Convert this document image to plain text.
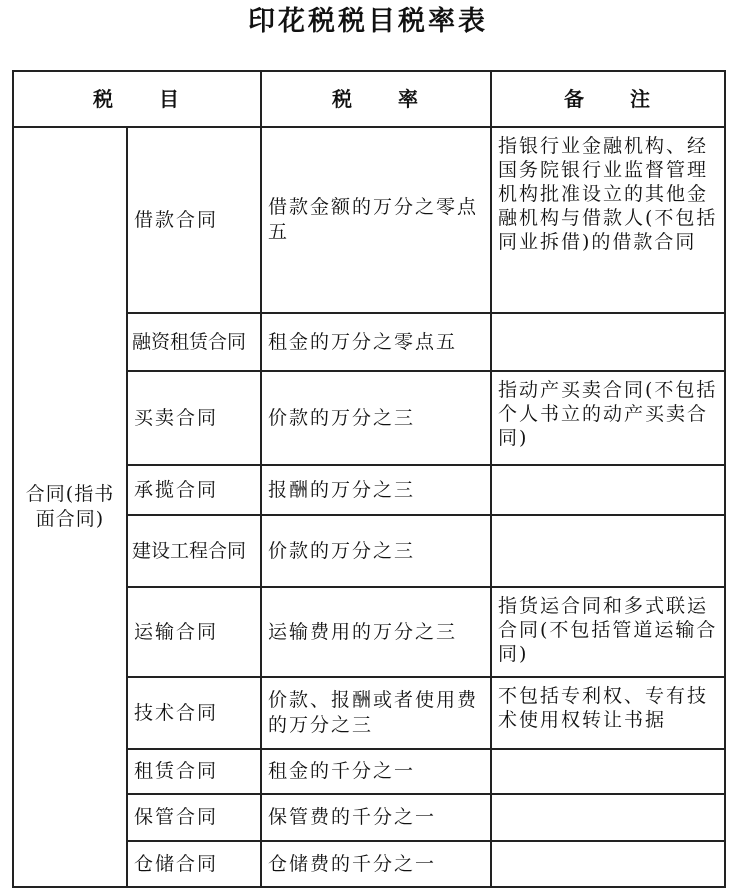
印花税税目税率表
税　　目		税　　率	备　　注
合同(指书面合同)	借款合同	借款金额的万分之零点五	指银行业金融机构、经国务院银行业监督管理机构批准设立的其他金融机构与借款人(不包括同业拆借)的借款合同
	融资租赁合同	租金的万分之零点五	
	买卖合同	价款的万分之三	指动产买卖合同(不包括个人书立的动产买卖合同)
	承揽合同	报酬的万分之三	
	建设工程合同	价款的万分之三	
	运输合同	运输费用的万分之三	指货运合同和多式联运合同(不包括管道运输合同)
	技术合同	价款、报酬或者使用费的万分之三	不包括专利权、专有技术使用权转让书据
	租赁合同	租金的千分之一	
	保管合同	保管费的千分之一	
	仓储合同	仓储费的千分之一	
